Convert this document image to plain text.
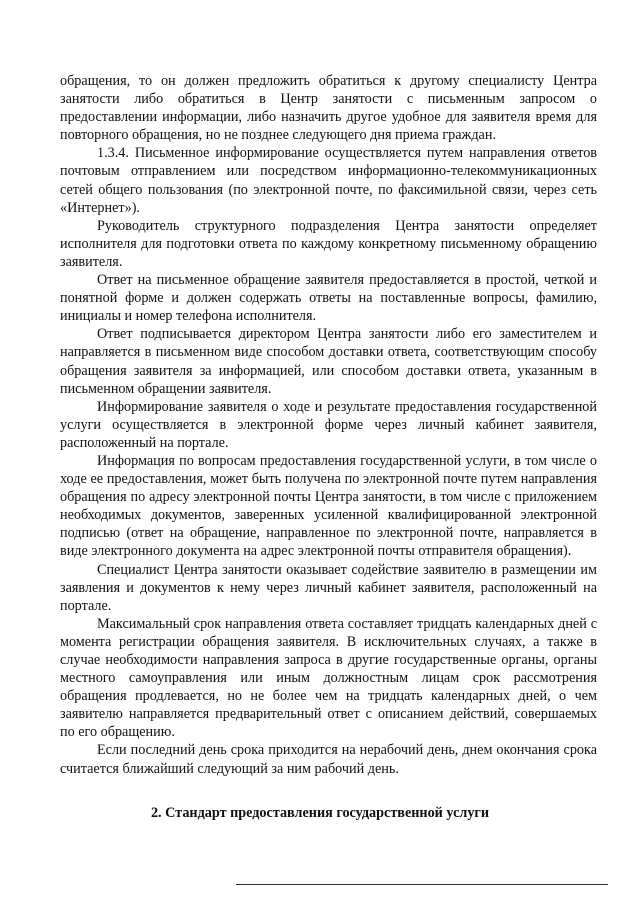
обращения, то он должен предложить обратиться к другому специалисту Центра занятости либо обратиться в Центр занятости с письменным запросом о предоставлении информации, либо назначить другое удобное для заявителя время для повторного обращения, но не позднее следующего дня приема граждан.

1.3.4. Письменное информирование осуществляется путем направления ответов почтовым отправлением или посредством информационно-телекоммуникационных сетей общего пользования (по электронной почте, по факсимильной связи, через сеть «Интернет»).

Руководитель структурного подразделения Центра занятости определяет исполнителя для подготовки ответа по каждому конкретному письменному обращению заявителя.

Ответ на письменное обращение заявителя предоставляется в простой, четкой и понятной форме и должен содержать ответы на поставленные вопросы, фамилию, инициалы и номер телефона исполнителя.

Ответ подписывается директором Центра занятости либо его заместителем и направляется в письменном виде способом доставки ответа, соответствующим способу обращения заявителя за информацией, или способом доставки ответа, указанным в письменном обращении заявителя.

Информирование заявителя о ходе и результате предоставления государственной услуги осуществляется в электронной форме через личный кабинет заявителя, расположенный на портале.

Информация по вопросам предоставления государственной услуги, в том числе о ходе ее предоставления, может быть получена по электронной почте путем направления обращения по адресу электронной почты Центра занятости, в том числе с приложением необходимых документов, заверенных усиленной квалифицированной электронной подписью (ответ на обращение, направленное по электронной почте, направляется в виде электронного документа на адрес электронной почты отправителя обращения).

Специалист Центра занятости оказывает содействие заявителю в размещении им заявления и документов к нему через личный кабинет заявителя, расположенный на портале.

Максимальный срок направления ответа составляет тридцать календарных дней с момента регистрации обращения заявителя. В исключительных случаях, а также в случае необходимости направления запроса в другие государственные органы, органы местного самоуправления или иным должностным лицам срок рассмотрения обращения продлевается, но не более чем на тридцать календарных дней, о чем заявителю направляется предварительный ответ с описанием действий, совершаемых по его обращению.

Если последний день срока приходится на нерабочий день, днем окончания срока считается ближайший следующий за ним рабочий день.

2. Стандарт предоставления государственной услуги
